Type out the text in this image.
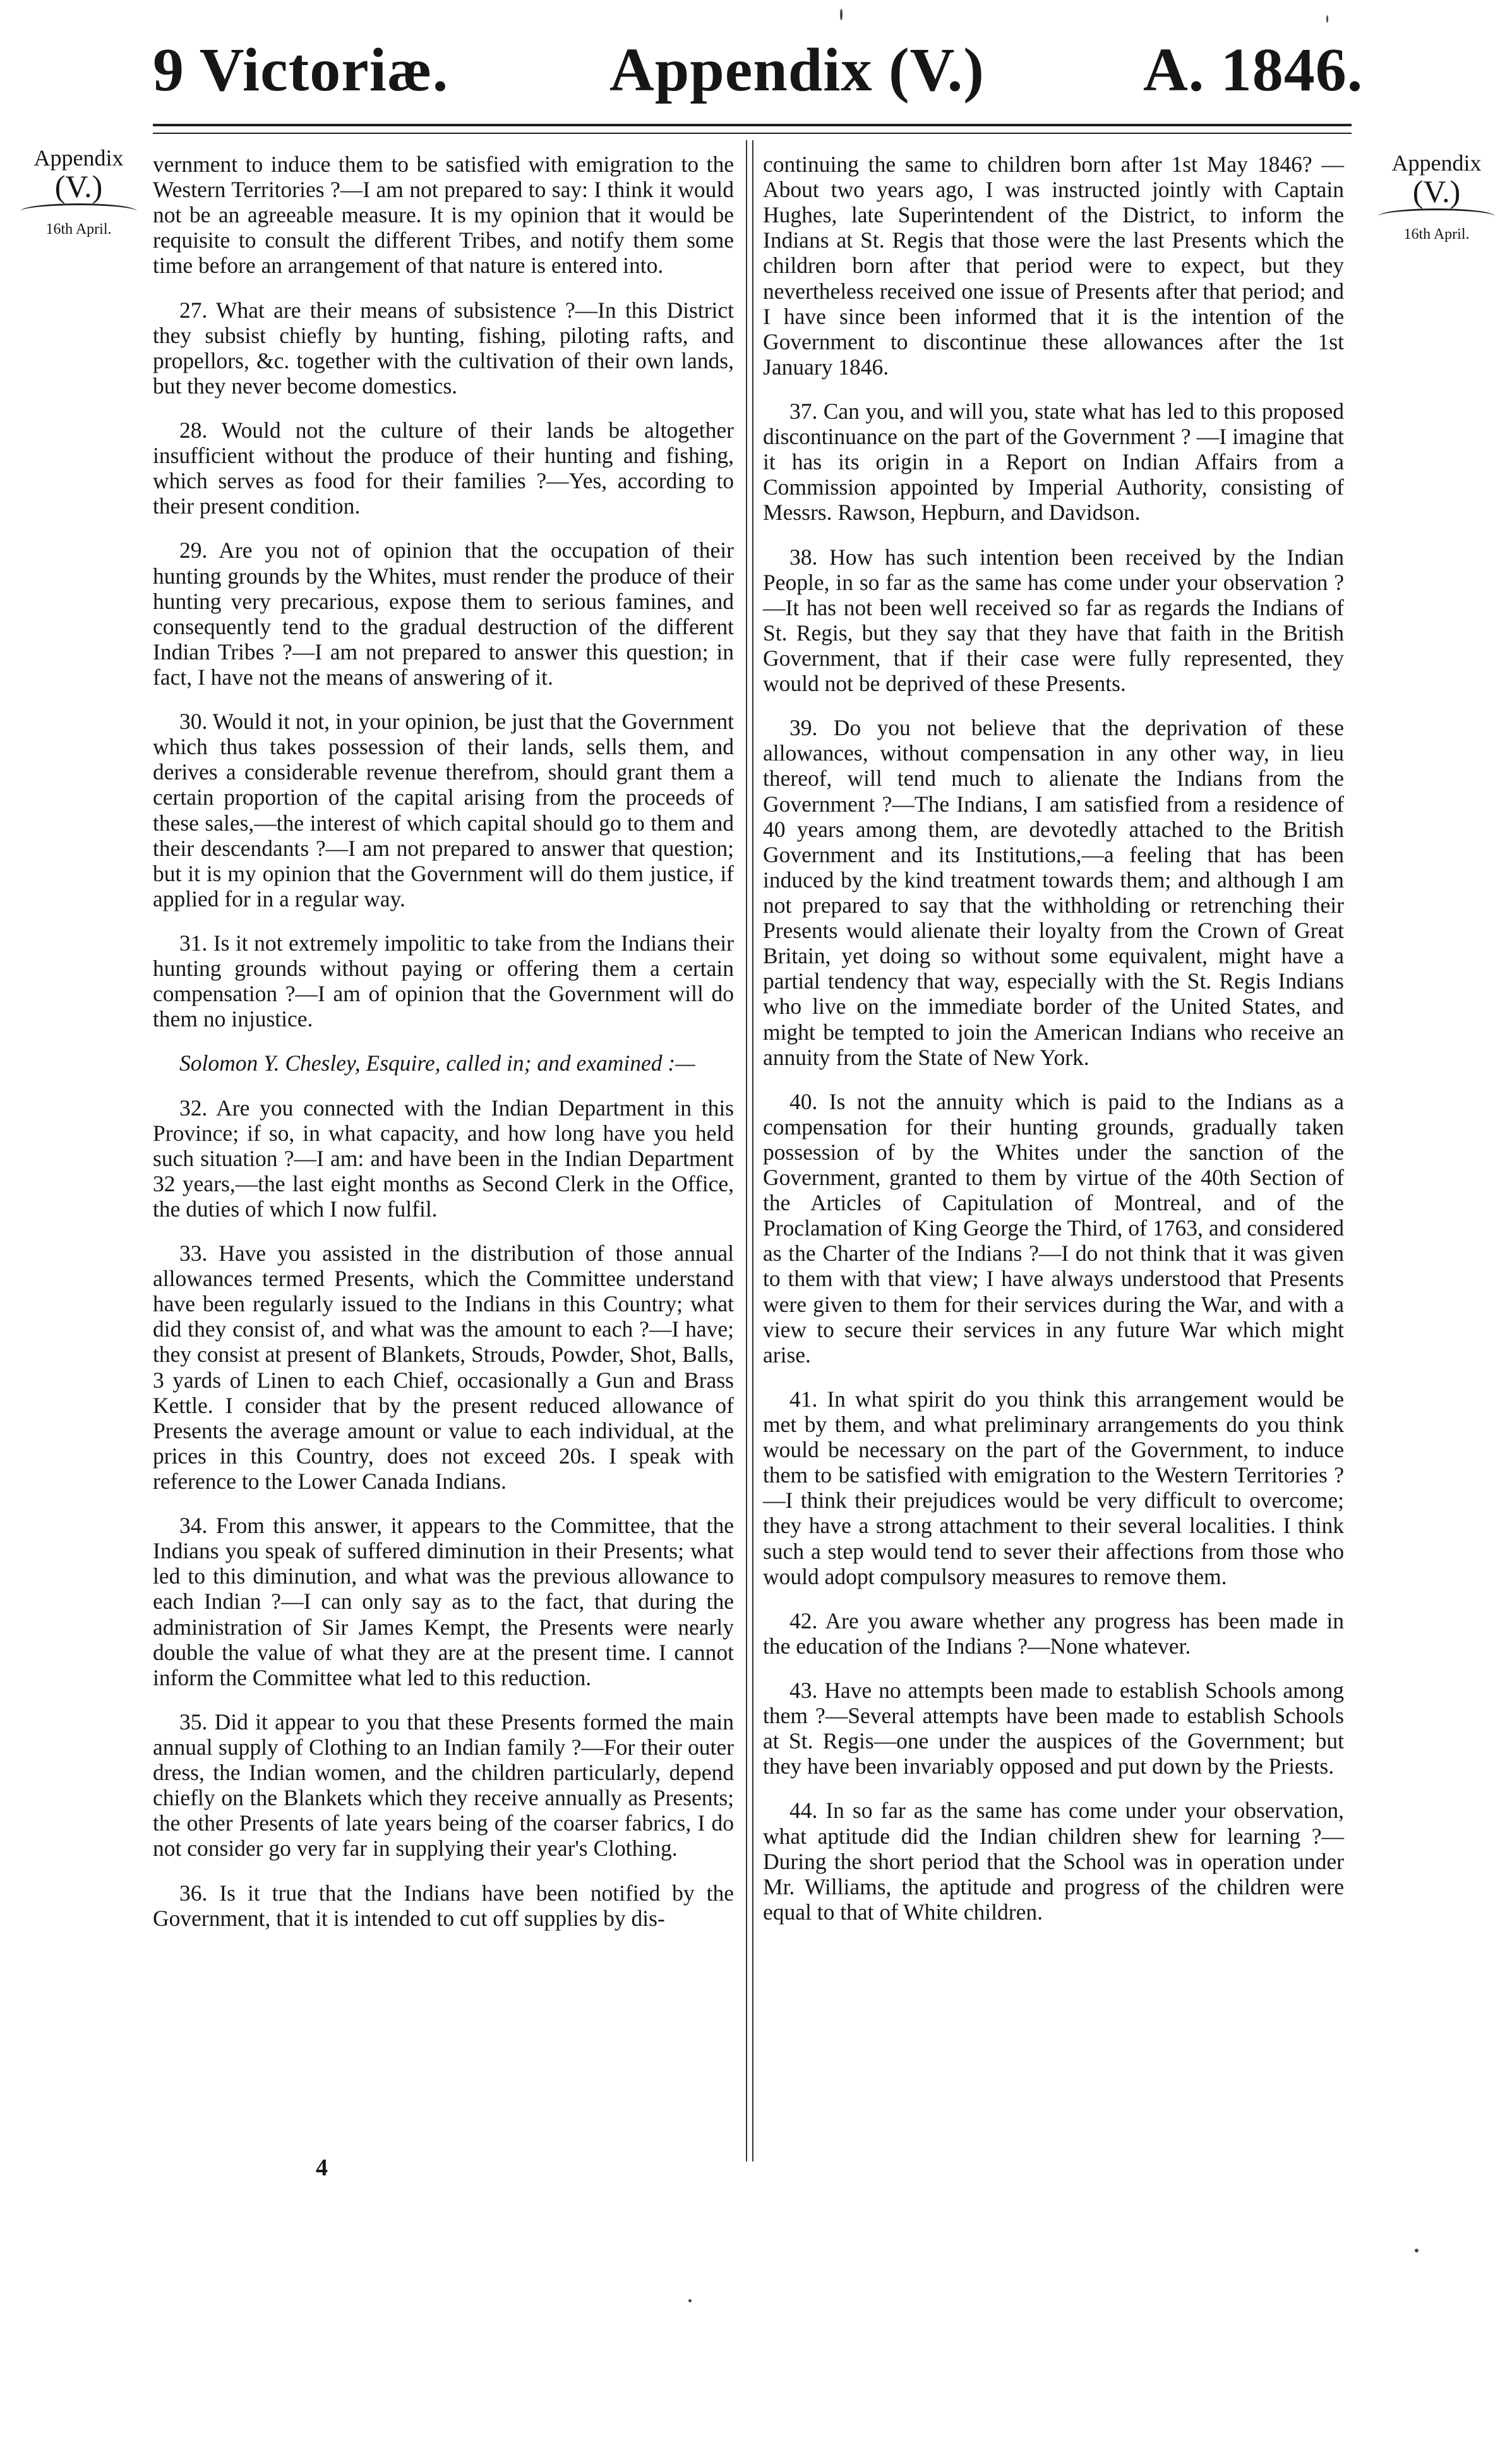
9 Victoriæ.	Appendix (V.)	A. 1846.
Appendix
(V.)
16th April.
Appendix
(V.)
16th April.

vernment to induce them to be satisfied with emigration to the Western Territories ?—I am not prepared to say: I think it would not be an agreeable measure. It is my opinion that it would be requisite to consult the different Tribes, and notify them some time before an arrangement of that nature is entered into.

27. What are their means of subsistence ?—In this District they subsist chiefly by hunting, fishing, piloting rafts, and propellors, &c. together with the cultivation of their own lands, but they never become domestics.

28. Would not the culture of their lands be altogether insufficient without the produce of their hunting and fishing, which serves as food for their families ?—Yes, according to their present condition.

29. Are you not of opinion that the occupation of their hunting grounds by the Whites, must render the produce of their hunting very precarious, expose them to serious famines, and consequently tend to the gradual destruction of the different Indian Tribes ?—I am not prepared to answer this question; in fact, I have not the means of answering of it.

30. Would it not, in your opinion, be just that the Government which thus takes possession of their lands, sells them, and derives a considerable revenue therefrom, should grant them a certain proportion of the capital arising from the proceeds of these sales,—the interest of which capital should go to them and their descendants ?—I am not prepared to answer that question; but it is my opinion that the Government will do them justice, if applied for in a regular way.

31. Is it not extremely impolitic to take from the Indians their hunting grounds without paying or offering them a certain compensation ?—I am of opinion that the Government will do them no injustice.

Solomon Y. Chesley, Esquire, called in; and examined :—

32. Are you connected with the Indian Department in this Province; if so, in what capacity, and how long have you held such situation ?—I am: and have been in the Indian Department 32 years,—the last eight months as Second Clerk in the Office, the duties of which I now fulfil.

33. Have you assisted in the distribution of those annual allowances termed Presents, which the Committee understand have been regularly issued to the Indians in this Country; what did they consist of, and what was the amount to each ?—I have; they consist at present of Blankets, Strouds, Powder, Shot, Balls, 3 yards of Linen to each Chief, occasionally a Gun and Brass Kettle. I consider that by the present reduced allowance of Presents the average amount or value to each individual, at the prices in this Country, does not exceed 20s. I speak with reference to the Lower Canada Indians.

34. From this answer, it appears to the Committee, that the Indians you speak of suffered diminution in their Presents; what led to this diminution, and what was the previous allowance to each Indian ?—I can only say as to the fact, that during the administration of Sir James Kempt, the Presents were nearly double the value of what they are at the present time. I cannot inform the Committee what led to this reduction.

35. Did it appear to you that these Presents formed the main annual supply of Clothing to an Indian family ?—For their outer dress, the Indian women, and the children particularly, depend chiefly on the Blankets which they receive annually as Presents; the other Presents of late years being of the coarser fabrics, I do not consider go very far in supplying their year's Clothing.

36. Is it true that the Indians have been notified by the Government, that it is intended to cut off supplies by dis-

continuing the same to children born after 1st May 1846? —About two years ago, I was instructed jointly with Captain Hughes, late Superintendent of the District, to inform the Indians at St. Regis that those were the last Presents which the children born after that period were to expect, but they nevertheless received one issue of Presents after that period; and I have since been informed that it is the intention of the Government to discontinue these allowances after the 1st January 1846.

37. Can you, and will you, state what has led to this proposed discontinuance on the part of the Government ? —I imagine that it has its origin in a Report on Indian Affairs from a Commission appointed by Imperial Authority, consisting of Messrs. Rawson, Hepburn, and Davidson.

38. How has such intention been received by the Indian People, in so far as the same has come under your observation ?—It has not been well received so far as regards the Indians of St. Regis, but they say that they have that faith in the British Government, that if their case were fully represented, they would not be deprived of these Presents.

39. Do you not believe that the deprivation of these allowances, without compensation in any other way, in lieu thereof, will tend much to alienate the Indians from the Government ?—The Indians, I am satisfied from a residence of 40 years among them, are devotedly attached to the British Government and its Institutions,—a feeling that has been induced by the kind treatment towards them; and although I am not prepared to say that the withholding or retrenching their Presents would alienate their loyalty from the Crown of Great Britain, yet doing so without some equivalent, might have a partial tendency that way, especially with the St. Regis Indians who live on the immediate border of the United States, and might be tempted to join the American Indians who receive an annuity from the State of New York.

40. Is not the annuity which is paid to the Indians as a compensation for their hunting grounds, gradually taken possession of by the Whites under the sanction of the Government, granted to them by virtue of the 40th Section of the Articles of Capitulation of Montreal, and of the Proclamation of King George the Third, of 1763, and considered as the Charter of the Indians ?—I do not think that it was given to them with that view; I have always understood that Presents were given to them for their services during the War, and with a view to secure their services in any future War which might arise.

41. In what spirit do you think this arrangement would be met by them, and what preliminary arrangements do you think would be necessary on the part of the Government, to induce them to be satisfied with emigration to the Western Territories ?—I think their prejudices would be very difficult to overcome; they have a strong attachment to their several localities. I think such a step would tend to sever their affections from those who would adopt compulsory measures to remove them.

42. Are you aware whether any progress has been made in the education of the Indians ?—None whatever.

43. Have no attempts been made to establish Schools among them ?—Several attempts have been made to establish Schools at St. Regis—one under the auspices of the Government; but they have been invariably opposed and put down by the Priests.

44. In so far as the same has come under your observation, what aptitude did the Indian children shew for learning ?—During the short period that the School was in operation under Mr. Williams, the aptitude and progress of the children were equal to that of White children.

4
